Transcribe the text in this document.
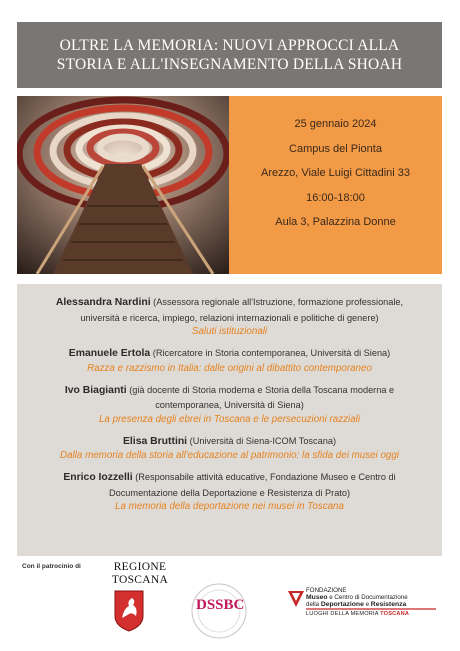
OLTRE LA MEMORIA: NUOVI APPROCCI ALLA
STORIA E ALL'INSEGNAMENTO DELLA SHOAH
25 gennaio 2024
Campus del Pionta
Arezzo, Viale Luigi Cittadini 33
16:00-18:00
Aula 3, Palazzina Donne
Alessandra Nardini (Assessora regionale all'Istruzione, formazione professionale,
università e ricerca, impiego, relazioni internazionali e politiche di genere)
Saluti istituzionali
Emanuele Ertola (Ricercatore in Storia contemporanea, Università di Siena)
Razza e razzismo in Italia: dalle origini al dibattito contemporaneo
Ivo Biagianti (già docente di Storia moderna e Storia della Toscana moderna e
contemporanea, Università di Siena)
La presenza degli ebrei in Toscana e le persecuzioni razziali
Elisa Bruttini (Università di Siena-ICOM Toscana)
Dalla memoria della storia all'educazione al patrimonio: la sfida dei musei oggi
Enrico Iozzelli (Responsabile attività educative, Fondazione Museo e Centro di
Documentazione della Deportazione e Resistenza di Prato)
La memoria della deportazione nei musei in Toscana
Con il patrocinio di	REGIONE
TOSCANA
DSSBC
FONDAZIONE
Museo e Centro di Documentazione
della Deportazione e Resistenza
LUOGHI DELLA MEMORIA TOSCANA
